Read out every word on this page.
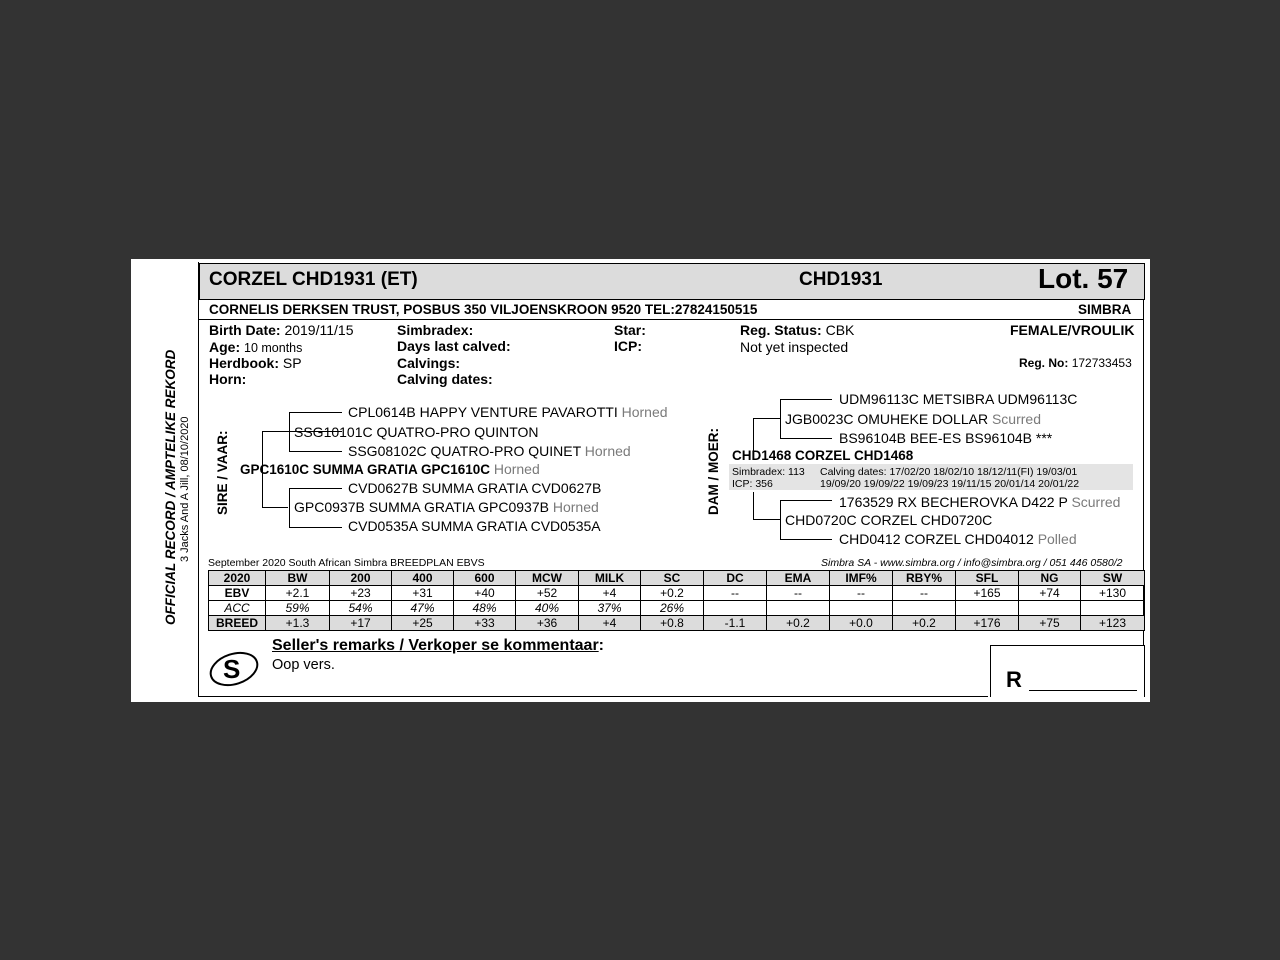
OFFICIAL RECORD / AMPTELIKE REKORD 3 Jacks And A Jill, 08/10/2020
CORZEL CHD1931 (ET)	CHD1931	Lot. 57
CORNELIS DERKSEN TRUST, POSBUS 350 VILJOENSKROON 9520 TEL:27824150515	SIMBRA
Birth Date: 2019/11/15
Age: 10 months
Herdbook: SP
Horn:
Simbradex:
Days last calved:
Calvings:
Calving dates:
Star:
ICP:
Reg. Status: CBK
Not yet inspected
FEMALE/VROULIK
Reg. No: 172733453
SIRE / VAAR:
CPL0614B HAPPY VENTURE PAVAROTTI Horned
SSG10101C QUATRO-PRO QUINTON
SSG08102C QUATRO-PRO QUINET Horned
GPC1610C SUMMA GRATIA GPC1610C Horned
CVD0627B SUMMA GRATIA CVD0627B
GPC0937B SUMMA GRATIA GPC0937B Horned
CVD0535A SUMMA GRATIA CVD0535A
DAM / MOER:
UDM96113C METSIBRA UDM96113C
JGB0023C OMUHEKE DOLLAR Scurred
BS96104B BEE-ES BS96104B ***
CHD1468 CORZEL CHD1468
Simbradex: 113
ICP: 356
Calving dates: 17/02/20 18/02/10 18/12/11(FI) 19/03/01
19/09/20 19/09/22 19/09/23 19/11/15 20/01/14 20/01/22
1763529 RX BECHEROVKA D422 P Scurred
CHD0720C CORZEL CHD0720C
CHD0412 CORZEL CHD04012 Polled
September 2020 South African Simbra BREEDPLAN EBVS	Simbra SA - www.simbra.org / info@simbra.org / 051 446 0580/2
2020	BW	200	400	600	MCW	MILK	SC	DC	EMA	IMF%	RBY%	SFL	NG	SW
EBV	+2.1	+23	+31	+40	+52	+4	+0.2	--	--	--	--	+165	+74	+130
ACC	59%	54%	47%	48%	40%	37%	26%							
BREED	+1.3	+17	+25	+33	+36	+4	+0.8	-1.1	+0.2	+0.0	+0.2	+176	+75	+123
S
Seller's remarks / Verkoper se kommentaar:
Oop vers.
R
